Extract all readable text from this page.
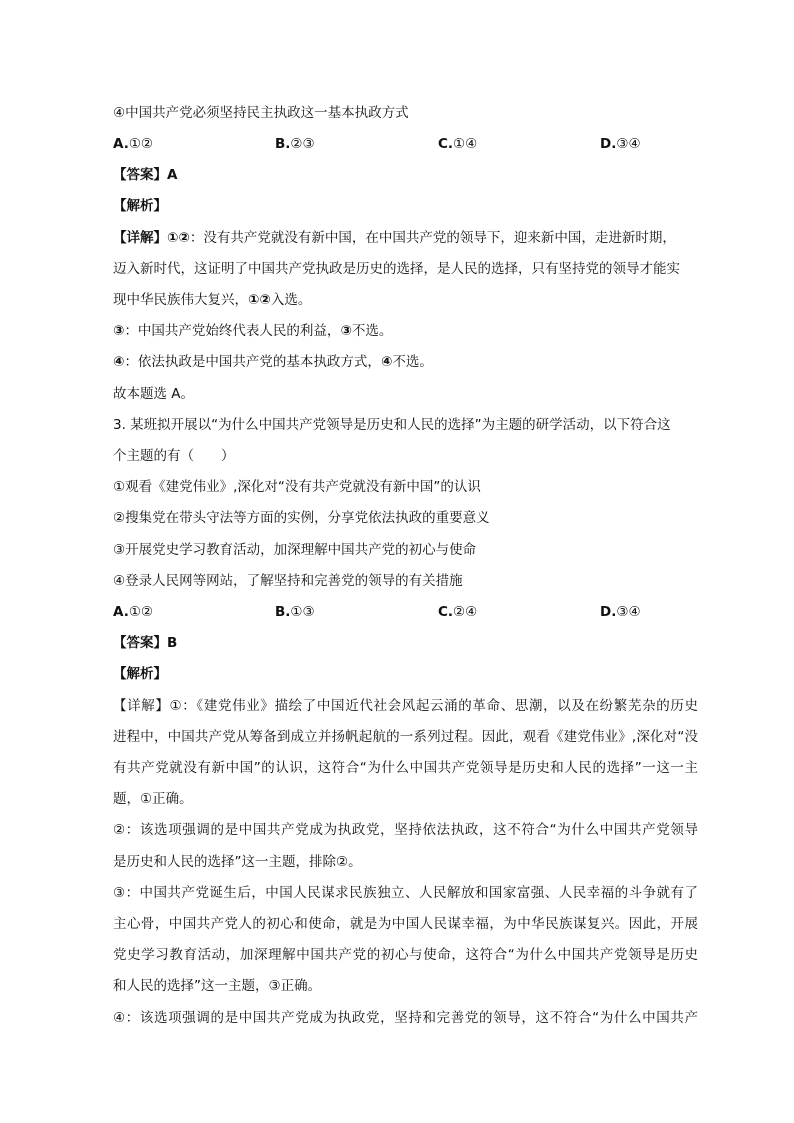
④中国共产党必须坚持民主执政这一基本执政方式
A.①②	B.②③	C.①④	D.③④
【答案】A
【解析】
【详解】①②：没有共产党就没有新中国，在中国共产党的领导下，迎来新中国，走进新时期，
迈入新时代，这证明了中国共产党执政是历史的选择，是人民的选择，只有坚持党的领导才能实
现中华民族伟大复兴，①②入选。
③：中国共产党始终代表人民的利益，③不选。
④：依法执政是中国共产党的基本执政方式，④不选。
故本题选 A。
3. 某班拟开展以“为什么中国共产党领导是历史和人民的选择”为主题的研学活动，以下符合这
个主题的有（　　）
①观看《建党伟业》,深化对“没有共产党就没有新中国”的认识
②搜集党在带头守法等方面的实例，分享党依法执政的重要意义
③开展党史学习教育活动，加深理解中国共产党的初心与使命
④登录人民网等网站，了解坚持和完善党的领导的有关措施
A.①②	B.①③	C.②④	D.③④
【答案】B
【解析】
【详解】①：《建党伟业》描绘了中国近代社会风起云涌的革命、思潮，以及在纷繁芜杂的历史
进程中，中国共产党从筹备到成立并扬帆起航的一系列过程。因此，观看《建党伟业》,深化对“没
有共产党就没有新中国”的认识，这符合“为什么中国共产党领导是历史和人民的选择”一这一主
题，①正确。
②：该选项强调的是中国共产党成为执政党，坚持依法执政，这不符合“为什么中国共产党领导
是历史和人民的选择”这一主题，排除②。
③：中国共产党诞生后，中国人民谋求民族独立、人民解放和国家富强、人民幸福的斗争就有了
主心骨，中国共产党人的初心和使命，就是为中国人民谋幸福，为中华民族谋复兴。因此，开展
党史学习教育活动，加深理解中国共产党的初心与使命，这符合“为什么中国共产党领导是历史
和人民的选择”这一主题，③正确。
④：该选项强调的是中国共产党成为执政党，坚持和完善党的领导，这不符合“为什么中国共产
